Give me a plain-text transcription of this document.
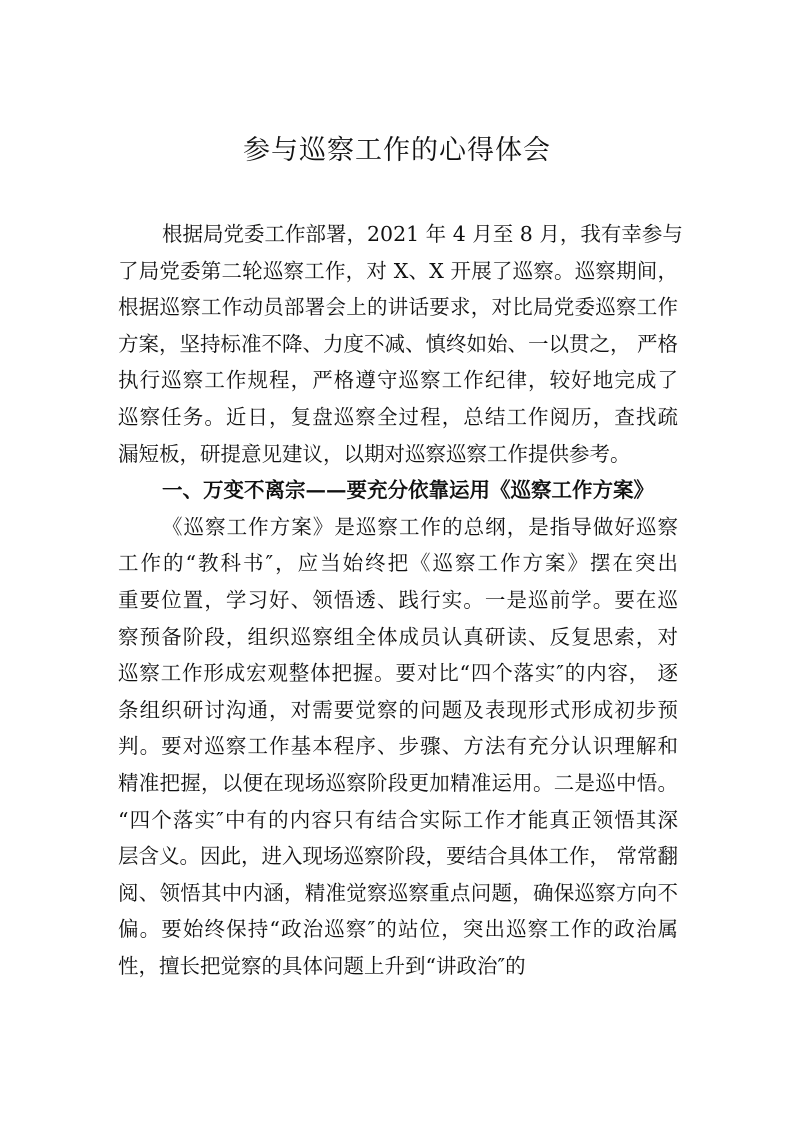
参与巡察工作的心得体会
根据局党委工作部署，2021 年 4 月至 8 月，我有幸参与
了局党委第二轮巡察工作，对 X、X 开展了巡察。巡察期间，
根据巡察工作动员部署会上的讲话要求，对比局党委巡察工作
方案，坚持标准不降、力度不减、慎终如始、一以贯之， 严格
执行巡察工作规程，严格遵守巡察工作纪律，较好地完成了
巡察任务。近日，复盘巡察全过程，总结工作阅历，查找疏
漏短板，研提意见建议，以期对巡察巡察工作提供参考。
一、万变不离宗——要充分依靠运用《巡察工作方案》
《巡察工作方案》是巡察工作的总纲，是指导做好巡察
工作的“教科书″，应当始终把《巡察工作方案》摆在突出
重要位置，学习好、领悟透、践行实。一是巡前学。要在巡
察预备阶段，组织巡察组全体成员认真研读、反复思索，对
巡察工作形成宏观整体把握。要对比“四个落实″的内容， 逐
条组织研讨沟通，对需要觉察的问题及表现形式形成初步预
判。要对巡察工作基本程序、步骤、方法有充分认识理解和
精准把握，以便在现场巡察阶段更加精准运用。二是巡中悟。
“四个落实″中有的内容只有结合实际工作才能真正领悟其深
层含义。因此，进入现场巡察阶段，要结合具体工作， 常常翻
阅、领悟其中内涵，精准觉察巡察重点问题，确保巡察方向不
偏。要始终保持“政治巡察″的站位，突出巡察工作的政治属
性，擅长把觉察的具体问题上升到“讲政治″的
